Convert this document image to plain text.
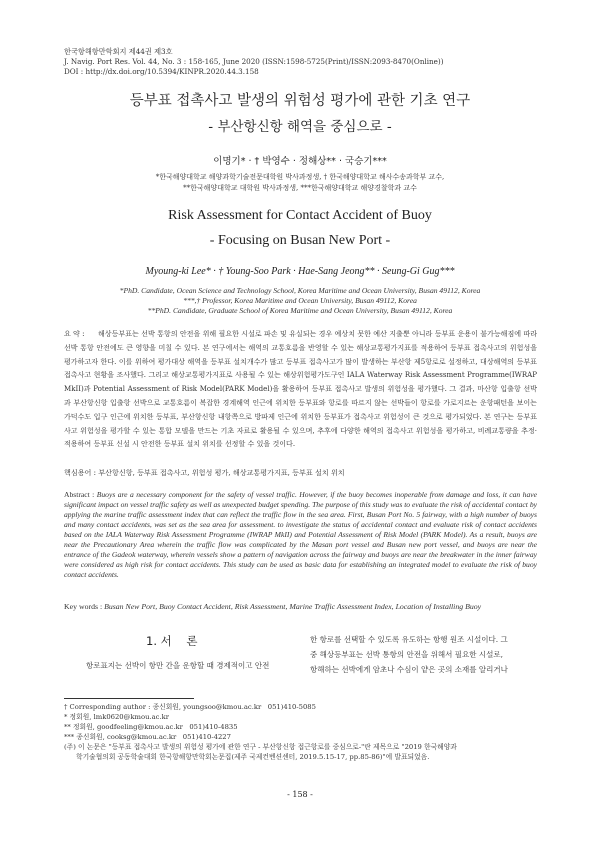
한국항해항만학회지 제44권 제3호
J. Navig. Port Res. Vol. 44, No. 3 : 158-165, June 2020 (ISSN:1598-5725(Print)/ISSN:2093-8470(Online))
DOI : http://dx.doi.org/10.5394/KINPR.2020.44.3.158
등부표 접촉사고 발생의 위험성 평가에 관한 기초 연구
- 부산항신항 해역을 중심으로 -
이명기* · † 박영수 · 정해상** · 국승기***
*한국해양대학교 해양과학기술전문대학원 박사과정생, † 한국해양대학교 해사수송과학부 교수,
**한국해양대학교 대학원 박사과정생, ***한국해양대학교 해양경찰학과 교수
Risk Assessment for Contact Accident of Buoy
- Focusing on Busan New Port -
Myoung-ki Lee* · † Young-Soo Park · Hae-Sang Jeong** · Seung-Gi Gug***
*PhD. Candidate, Ocean Science and Technology School, Korea Maritime and Ocean University, Busan 49112, Korea
***,† Professor, Korea Maritime and Ocean University, Busan 49112, Korea
**PhD. Candidate, Graduate School of Korea Maritime and Ocean University, Busan 49112, Korea
요 약 : 해상등부표는 선박 통항의 안전을 위해 필요한 시설로 파손 및 유실되는 경우 예상치 못한 예산 지출뿐 아니라 등부표 운용이 불가능해짐에 따라 선박 통항 안전에도 큰 영향을 미칠 수 있다. 본 연구에서는 해역의 교통호름을 반영할 수 있는 해상교통평가지표를 적용하여 등부표 접촉사고의 위험성을 평가하고자 한다. 이를 위하여 평가대상 해역을 등부표 설치개수가 많고 등부표 접촉사고가 많이 발생하는 부산항 제5항로로 설정하고, 대상해역의 등부표 접촉사고 현황을 조사했다. 그리고 해상교통평가지표로 사용될 수 있는 해상위험평가도구인 IALA Waterway Risk Assessment Programme(IWRAP MkII)과 Potential Assessment of Risk Model(PARK Model)을 활용하여 등부표 접촉사고 발생의 위험성을 평가했다. 그 결과, 마산항 입출항 선박과 부산항신항 입출항 선박으로 교통호름이 복잡한 경계해역 인근에 위치한 등부표와 항로를 따르지 않는 선박들이 항로를 가로지르는 운항패턴을 보이는 가덕수도 입구 인근에 위치한 등부표, 부산항신항 내항쪽으로 방파제 인근에 위치한 등부표가 접촉사고 위험성이 큰 것으로 평가되었다. 본 연구는 등부표 사고 위험성을 평가할 수 있는 통합 모델을 만드는 기초 자료로 활용될 수 있으며, 추후에 다양한 해역의 접촉사고 위험성을 평가하고, 비례교통량을 추정·적용하여 등부표 신설 시 안전한 등부표 설치 위치를 선정할 수 있을 것이다.
핵심용어 : 부산항신항, 등부표 접촉사고, 위험성 평가, 해상교통평가지표, 등부표 설치 위치
Abstract : Buoys are a necessary component for the safety of vessel traffic. However, if the buoy becomes inoperable from damage and loss, it can have significant impact on vessel traffic safety as well as unexpected budget spending. The purpose of this study was to evaluate the risk of accidental contact by applying the marine traffic assessment index that can reflect the traffic flow in the sea area. First, Busan Port No. 5 fairway, with a high number of buoys and many contact accidents, was set as the sea area for assessment. to investigate the status of accidental contact and evaluate risk of contact accidents based on the IALA Waterway Risk Assessment Programme (IWRAP MkII) and Potential Assessment of Risk Model (PARK Model). As a result, buoys are near the Precautionary Area wherein the traffic flow was complicated by the Masan port vessel and Busan new port vessel, and buoys are near the entrance of the Gadeok waterway, wherein vessels show a pattern of navigation across the fairway and buoys are near the breakwater in the inner fairway were considered as high risk for contact accidents. This study can be used as basic data for establishing an integrated model to evaluate the risk of buoy contact accidents.
Key words : Busan New Port, Buoy Contact Accident, Risk Assessment, Marine Traffic Assessment Index, Location of Installing Buoy
1. 서    론
항로표지는 선박이 항만 간을 운항할 때 경제적이고 안전
한 항로를 선택할 수 있도록 유도하는 항행 원조 시설이다. 그
중 해상등부표는 선박 통항의 안전을 위해서 필요한 시설로,
항해하는 선박에게 암초나 수심이 얕은 곳의 소재를 알리거나
† Corresponding author : 종신회원, youngsoo@kmou.ac.kr   051)410-5085
* 정회원, lmk0620@kmou.ac.kr
** 정회원, goodfeeling@kmou.ac.kr   051)410-4835
*** 종신회원, cooksg@kmou.ac.kr   051)410-4227
(주) 이 논문은 "등부표 접촉사고 발생의 위험성 평가에 관한 연구 - 부산항신항 접근항로를 중심으로-"란 제목으로 "2019 한국해양과
학기술협의회 공동학술대회 한국항해항만학회논문집(제주 국제컨벤션센터, 2019.5.15-17, pp.85-86)"에 발표되었음.
- 158 -
